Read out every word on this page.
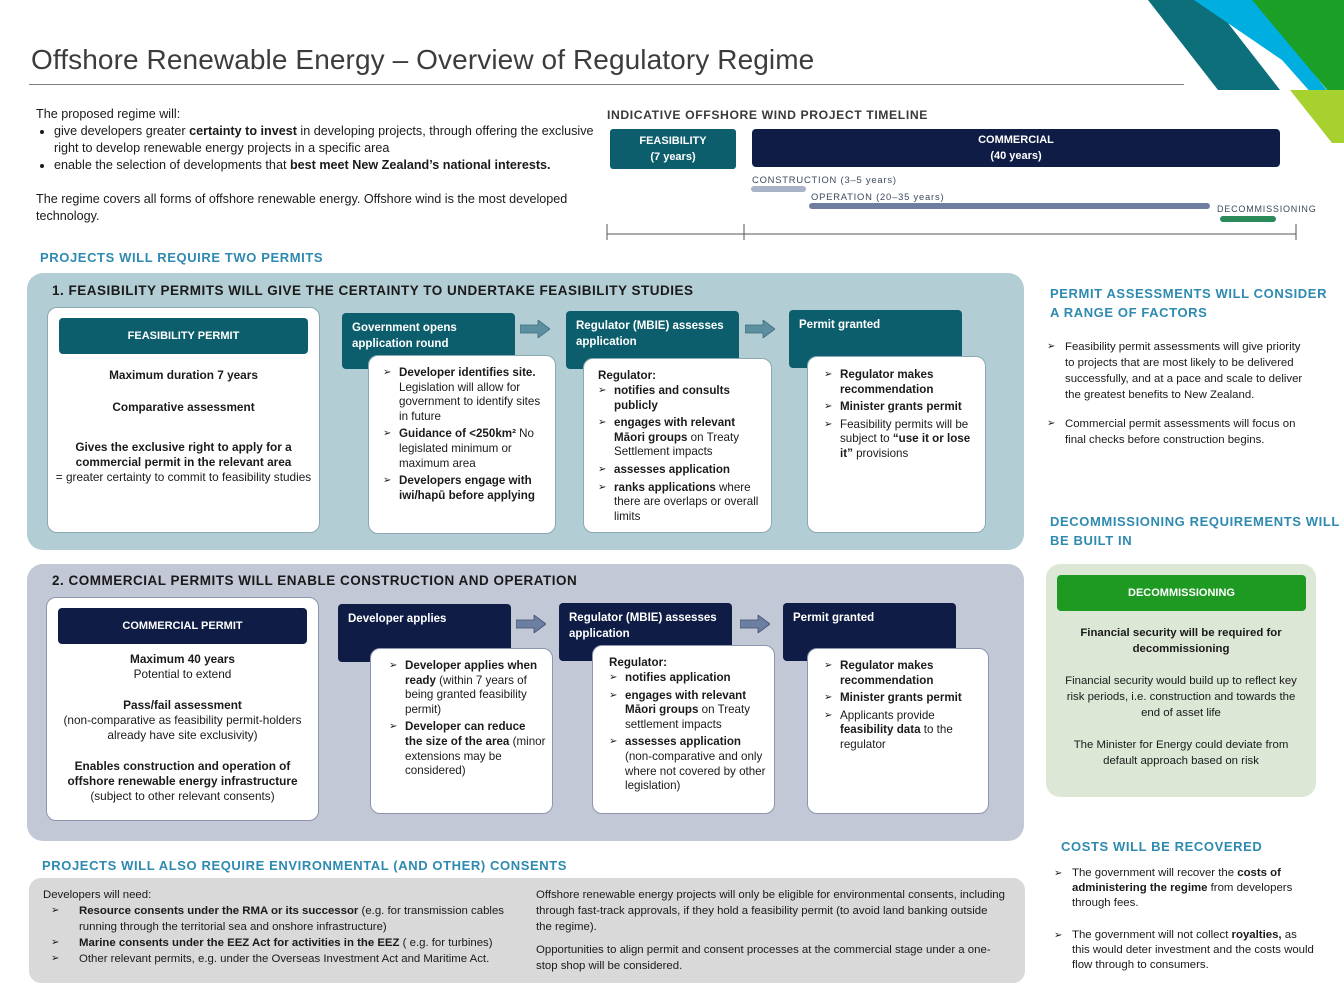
Offshore Renewable Energy – Overview of Regulatory Regime

The proposed regime will:

• give developers greater certainty to invest in developing projects, through offering the exclusive right to develop renewable energy projects in a specific area
• enable the selection of developments that best meet New Zealand’s national interests.

The regime covers all forms of offshore renewable energy. Offshore wind is the most developed technology.

INDICATIVE OFFSHORE WIND PROJECT TIMELINE
FEASIBILITY
(7 years)
COMMERCIAL
(40 years)
CONSTRUCTION (3–5 years)
OPERATION (20–35 years)
DECOMMISSIONING
PROJECTS WILL REQUIRE TWO PERMITS
1. FEASIBILITY PERMITS WILL GIVE THE CERTAINTY TO UNDERTAKE FEASIBILITY STUDIES
FEASIBILITY PERMIT
Maximum duration 7 years
Comparative assessment
Gives the exclusive right to apply for a commercial permit in the relevant area
= greater certainty to commit to feasibility studies
Government opens application round
➢ Developer identifies site. Legislation will allow for government to identify sites in future
➢ Guidance of <250km² No legislated minimum or maximum area
➢ Developers engage with iwi/hapū before applying
Regulator (MBIE) assesses application
Regulator:
➢ notifies and consults publicly
➢ engages with relevant Māori groups on Treaty Settlement impacts
➢ assesses application
➢ ranks applications where there are overlaps or overall limits
Permit granted
➢ Regulator makes recommendation
➢ Minister grants permit
➢ Feasibility permits will be subject to “use it or lose it” provisions
2. COMMERCIAL PERMITS WILL ENABLE CONSTRUCTION AND OPERATION
COMMERCIAL PERMIT
Maximum 40 years
Potential to extend
Pass/fail assessment
(non-comparative as feasibility permit-holders already have site exclusivity)
Enables construction and operation of offshore renewable energy infrastructure
(subject to other relevant consents)
Developer applies
➢ Developer applies when ready (within 7 years of being granted feasibility permit)
➢ Developer can reduce the size of the area (minor extensions may be considered)
Regulator (MBIE) assesses application
Regulator:
➢ notifies application
➢ engages with relevant Māori groups on Treaty settlement impacts
➢ assesses application (non-comparative and only where not covered by other legislation)
Permit granted
➢ Regulator makes recommendation
➢ Minister grants permit
➢ Applicants provide feasibility data to the regulator
PERMIT ASSESSMENTS WILL CONSIDER A RANGE OF FACTORS
➢ Feasibility permit assessments will give priority to projects that are most likely to be delivered successfully, and at a pace and scale to deliver the greatest benefits to New Zealand.
➢ Commercial permit assessments will focus on final checks before construction begins.
DECOMMISSIONING REQUIREMENTS WILL BE BUILT IN
DECOMMISSIONING
Financial security will be required for decommissioning
Financial security would build up to reflect key risk periods, i.e. construction and towards the end of asset life
The Minister for Energy could deviate from default approach based on risk
COSTS WILL BE RECOVERED
➢ The government will recover the costs of administering the regime from developers through fees.
➢ The government will not collect royalties, as this would deter investment and the costs would flow through to consumers.
PROJECTS WILL ALSO REQUIRE ENVIRONMENTAL (AND OTHER) CONSENTS
Developers will need:
➢ Resource consents under the RMA or its successor (e.g. for transmission cables running through the territorial sea and onshore infrastructure)
➢ Marine consents under the EEZ Act for activities in the EEZ ( e.g. for turbines)
➢ Other relevant permits, e.g. under the Overseas Investment Act and Maritime Act.
Offshore renewable energy projects will only be eligible for environmental consents, including through fast-track approvals, if they hold a feasibility permit (to avoid land banking outside the regime).
Opportunities to align permit and consent processes at the commercial stage under a one-stop shop will be considered.
